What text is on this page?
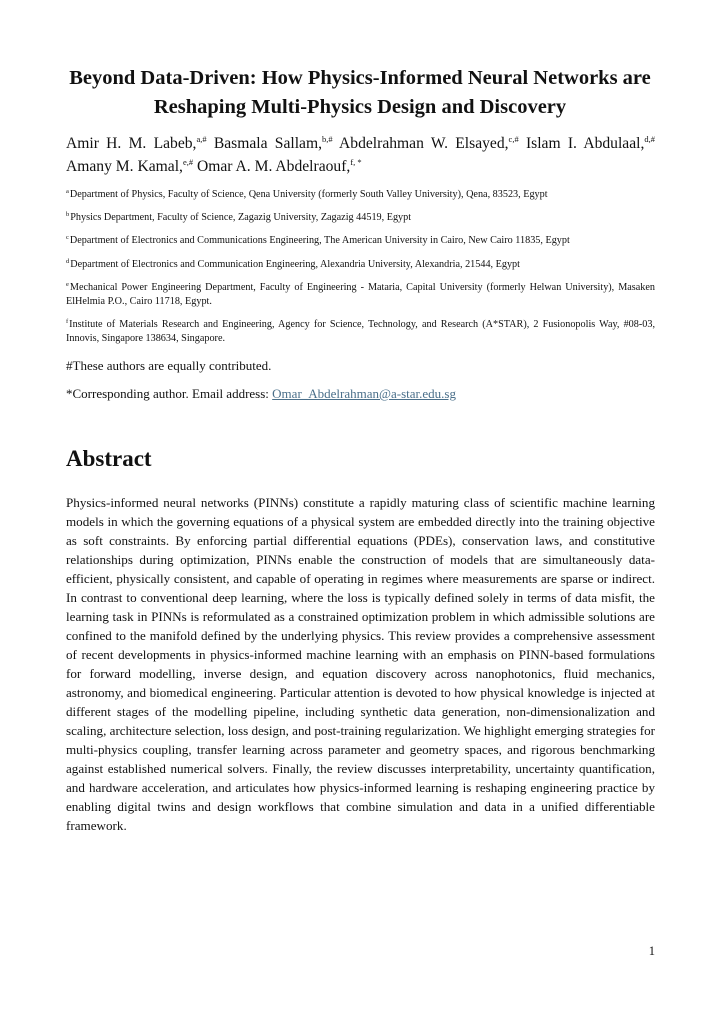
Beyond Data-Driven: How Physics-Informed Neural Networks are Reshaping Multi-Physics Design and Discovery

Amir H. M. Labeb,$^{a,\#}$ Basmala Sallam,$^{b,\#}$ Abdelrahman W. Elsayed,$^{c,\#}$ Islam I. Abdulaal,$^{d,\#}$ Amany M. Kamal,$^{e,\#}$ Omar A. M. Abdelraouf,$^{f, *}$

$^a$Department of Physics, Faculty of Science, Qena University (formerly South Valley University), Qena, 83523, Egypt

$^b$Physics Department, Faculty of Science, Zagazig University, Zagazig 44519, Egypt

$^c$Department of Electronics and Communications Engineering, The American University in Cairo, New Cairo 11835, Egypt

$^d$Department of Electronics and Communication Engineering, Alexandria University, Alexandria, 21544, Egypt

$^e$Mechanical Power Engineering Department, Faculty of Engineering - Mataria, Capital University (formerly Helwan University), Masaken ElHelmia P.O., Cairo 11718, Egypt.

$^f$Institute of Materials Research and Engineering, Agency for Science, Technology, and Research (A*STAR), 2 Fusionopolis Way, #08-03, Innovis, Singapore 138634, Singapore.

#These authors are equally contributed.

*Corresponding author. Email address: Omar_Abdelrahman@a-star.edu.sg

Abstract

Physics-informed neural networks (PINNs) constitute a rapidly maturing class of scientific machine learning models in which the governing equations of a physical system are embedded directly into the training objective as soft constraints. By enforcing partial differential equations (PDEs), conservation laws, and constitutive relationships during optimization, PINNs enable the construction of models that are simultaneously data-efficient, physically consistent, and capable of operating in regimes where measurements are sparse or indirect. In contrast to conventional deep learning, where the loss is typically defined solely in terms of data misfit, the learning task in PINNs is reformulated as a constrained optimization problem in which admissible solutions are confined to the manifold defined by the underlying physics. This review provides a comprehensive assessment of recent developments in physics-informed machine learning with an emphasis on PINN-based formulations for forward modelling, inverse design, and equation discovery across nanophotonics, fluid mechanics, astronomy, and biomedical engineering. Particular attention is devoted to how physical knowledge is injected at different stages of the modelling pipeline, including synthetic data generation, non-dimensionalization and scaling, architecture selection, loss design, and post-training regularization. We highlight emerging strategies for multi-physics coupling, transfer learning across parameter and geometry spaces, and rigorous benchmarking against established numerical solvers. Finally, the review discusses interpretability, uncertainty quantification, and hardware acceleration, and articulates how physics-informed learning is reshaping engineering practice by enabling digital twins and design workflows that combine simulation and data in a unified differentiable framework.

1
